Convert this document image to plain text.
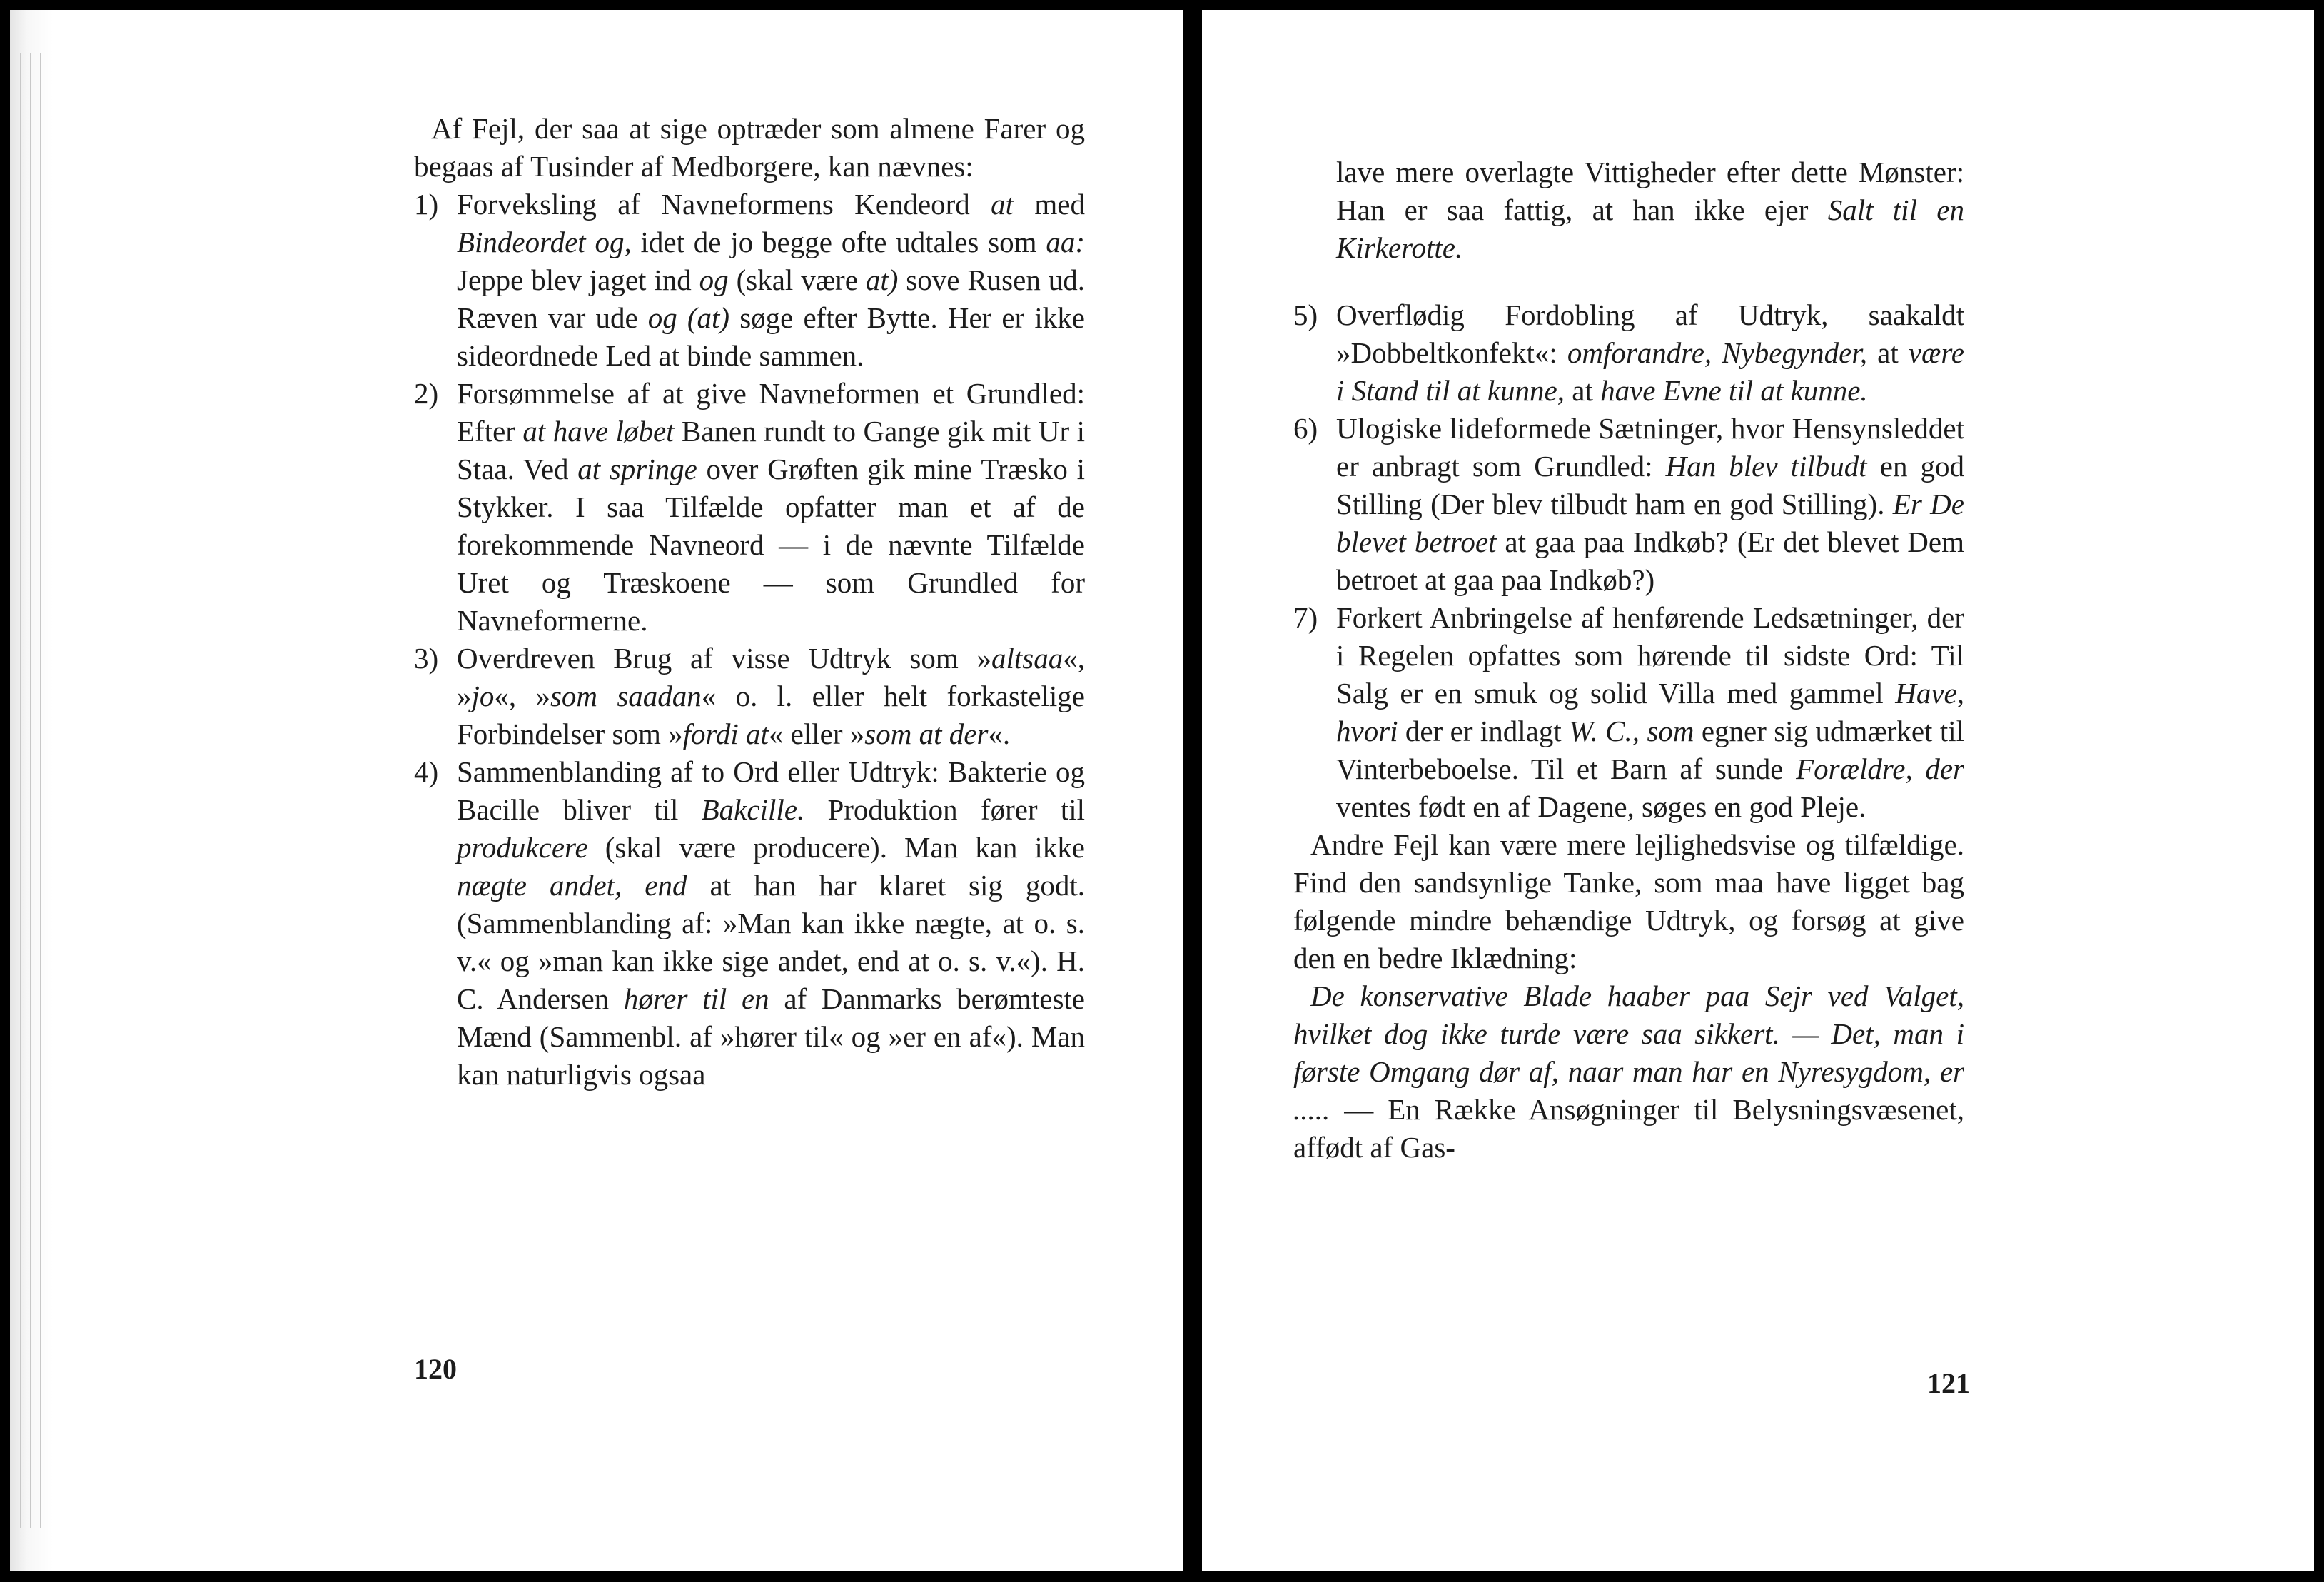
Af Fejl, der saa at sige optræder som almene Farer og begaas af Tusinder af Medborgere, kan nævnes:

1) Forveksling af Navneformens Kendeord at med Bindeordet og, idet de jo begge ofte udtales som aa: Jeppe blev jaget ind og (skal være at) sove Rusen ud. Ræven var ude og (at) søge efter Bytte. Her er ikke sideordnede Led at binde sammen.
2) Forsømmelse af at give Navneformen et Grundled: Efter at have løbet Banen rundt to Gange gik mit Ur i Staa. Ved at springe over Grøften gik mine Træsko i Stykker. I saa Tilfælde opfatter man et af de forekommende Navneord — i de nævnte Tilfælde Uret og Træskoene — som Grundled for Navneformerne.
3) Overdreven Brug af visse Udtryk som »altsaa«, »jo«, »som saadan« o. l. eller helt forkastelige Forbindelser som »fordi at« eller »som at der«.
4) Sammenblanding af to Ord eller Udtryk: Bakterie og Bacille bliver til Bakcille. Produktion fører til produkcere (skal være producere). Man kan ikke nægte andet, end at han har klaret sig godt. (Sammenblanding af: »Man kan ikke nægte, at o. s. v.« og »man kan ikke sige andet, end at o. s. v.«). H. C. Andersen hører til en af Danmarks berømteste Mænd (Sammenbl. af »hører til« og »er en af«). Man kan naturligvis ogsaa
120

lave mere overlagte Vittigheder efter dette Mønster: Han er saa fattig, at han ikke ejer Salt til en Kirkerotte.

5) Overflødig Fordobling af Udtryk, saakaldt »Dobbeltkonfekt«: omforandre, Nybegynder, at være i Stand til at kunne, at have Evne til at kunne.
6) Ulogiske lideformede Sætninger, hvor Hensynsleddet er anbragt som Grundled: Han blev tilbudt en god Stilling (Der blev tilbudt ham en god Stilling). Er De blevet betroet at gaa paa Indkøb? (Er det blevet Dem betroet at gaa paa Indkøb?)
7) Forkert Anbringelse af henførende Ledsætninger, der i Regelen opfattes som hørende til sidste Ord: Til Salg er en smuk og solid Villa med gammel Have, hvori der er indlagt W. C., som egner sig udmærket til Vinterbeboelse. Til et Barn af sunde Forældre, der ventes født en af Dagene, søges en god Pleje.

Andre Fejl kan være mere lejlighedsvise og tilfældige. Find den sandsynlige Tanke, som maa have ligget bag følgende mindre behændige Udtryk, og forsøg at give den en bedre Iklædning:

De konservative Blade haaber paa Sejr ved Valget, hvilket dog ikke turde være saa sikkert. — Det, man i første Omgang dør af, naar man har en Nyresygdom, er ..... — En Række Ansøgninger til Belysningsvæsenet, affødt af Gas-

121
